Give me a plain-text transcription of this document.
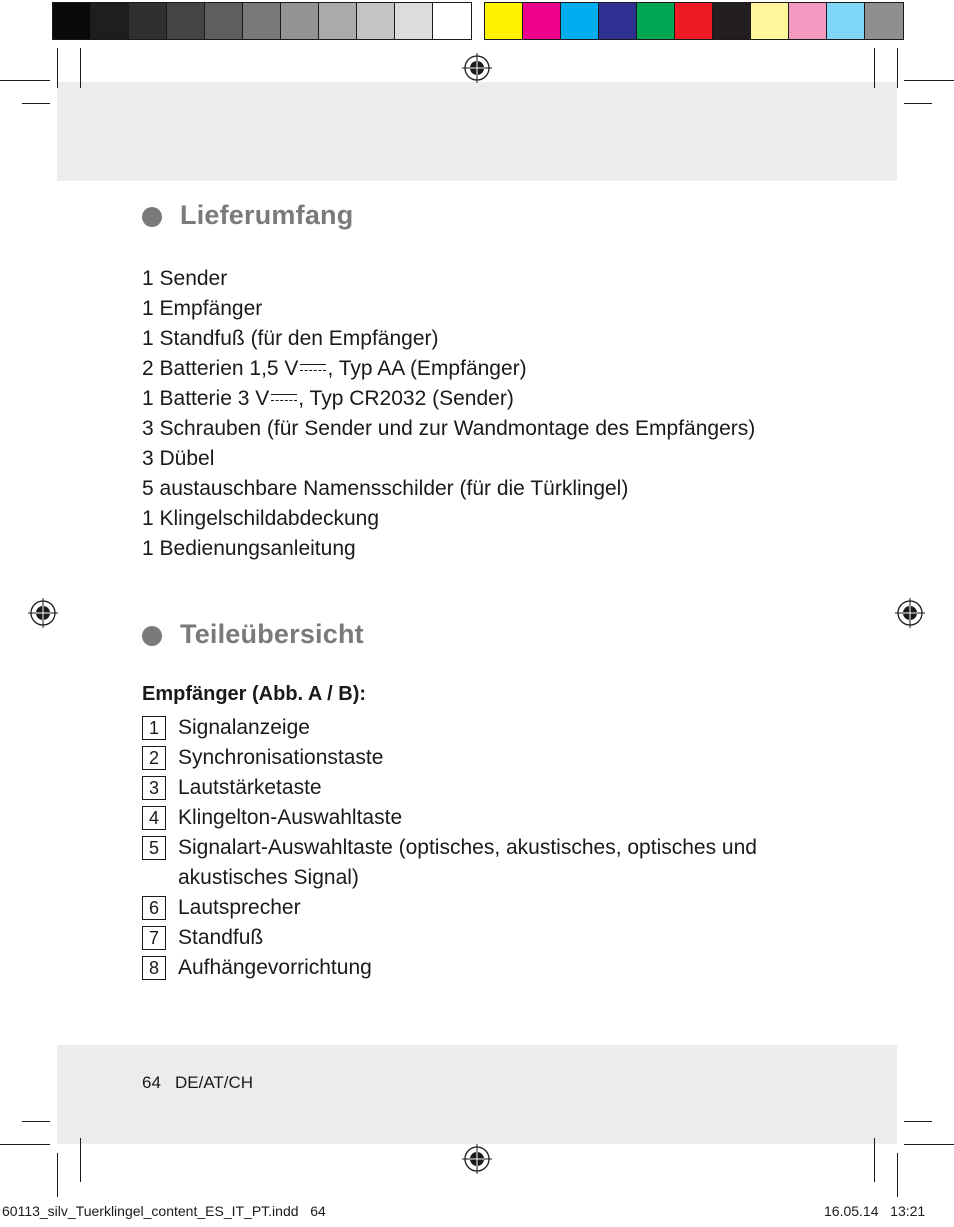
Lieferumfang
1 Sender
1 Empfänger
1 Standfuß (für den Empfänger)
2 Batterien 1,5 V , Typ AA (Empfänger)
1 Batterie 3 V , Typ CR2032 (Sender)
3 Schrauben (für Sender und zur Wandmontage des Empfängers)
3 Dübel
5 austauschbare Namensschilder (für die Türklingel)
1 Klingelschildabdeckung
1 Bedienungsanleitung
Teileübersicht
Empfänger (Abb. A / B):
1 Signalanzeige
2 Synchronisationstaste
3 Lautstärketaste
4 Klingelton-Auswahltaste
5 Signalart-Auswahltaste (optisches, akustisches, optisches und akustisches Signal)
6 Lautsprecher
7 Standfuß
8 Aufhängevorrichtung
64 DE/AT/CH
60113_silv_Tuerklingel_content_ES_IT_PT.indd   64	16.05.14   13:21
